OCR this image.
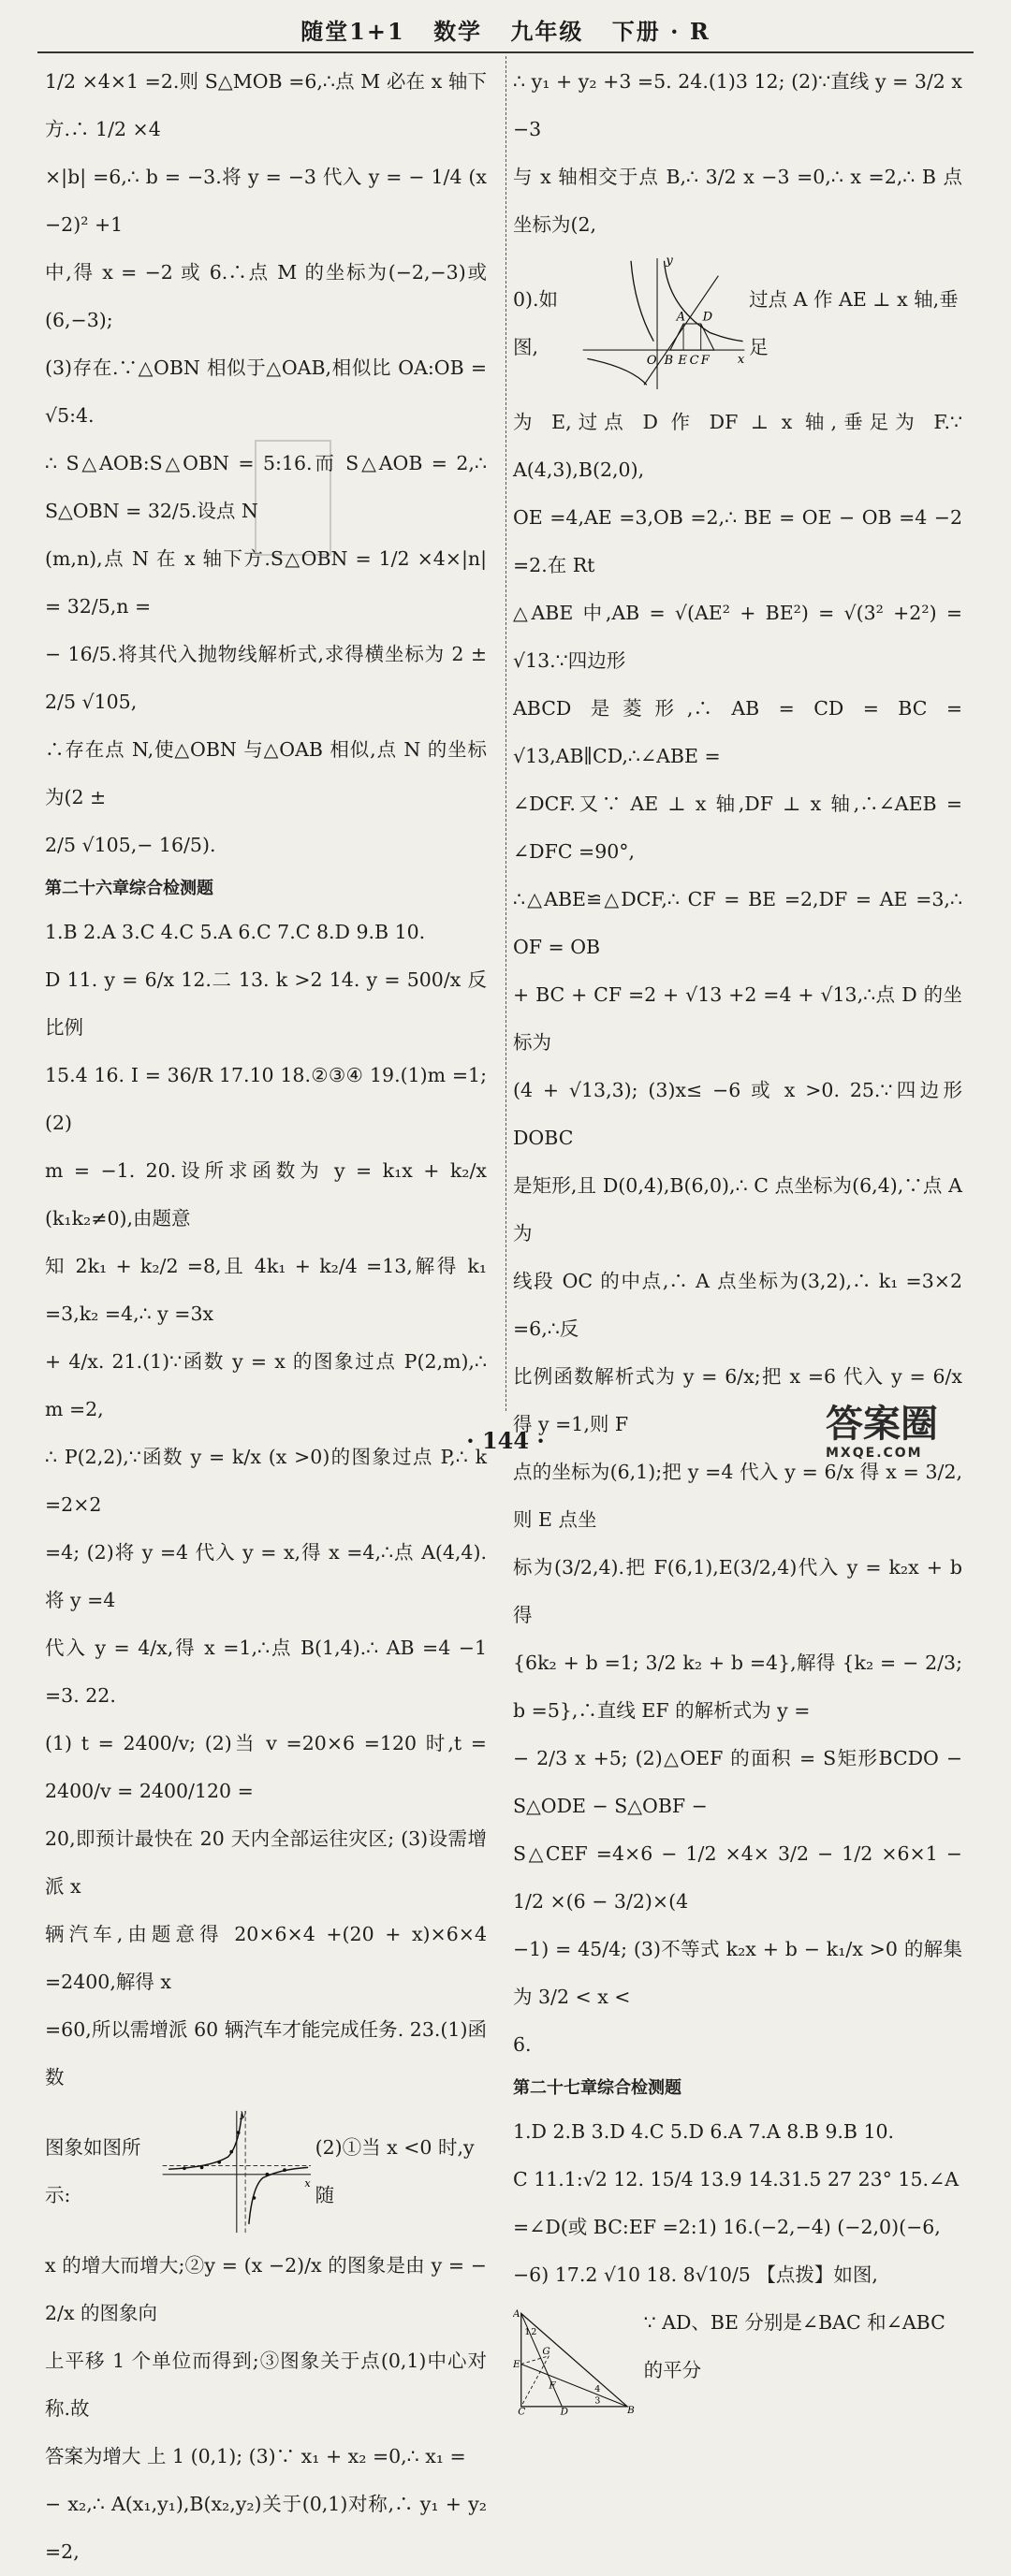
随堂1+1 数学 九年级 下册 · R

1/2 ×4×1 =2.则 S△MOB =6,∴点 M 必在 x 轴下方.∴ 1/2 ×4

×|b| =6,∴ b = −3.将 y = −3 代入 y = − 1/4 (x −2)² +1

中,得 x = −2 或 6.∴点 M 的坐标为(−2,−3)或(6,−3);

(3)存在.∵△OBN 相似于△OAB,相似比 OA:OB = √5:4.

∴ S△AOB:S△OBN = 5:16.而 S△AOB = 2,∴ S△OBN = 32/5.设点 N

(m,n),点 N 在 x 轴下方.S△OBN = 1/2 ×4×|n| = 32/5,n =

− 16/5.将其代入抛物线解析式,求得横坐标为 2 ± 2/5 √105,

∴存在点 N,使△OBN 与△OAB 相似,点 N 的坐标为(2 ±

2/5 √105,− 16/5).

第二十六章综合检测题

1.B 2.A 3.C 4.C 5.A 6.C 7.C 8.D 9.B 10.

D 11. y = 6/x 12.二 13. k >2 14. y = 500/x 反比例

15.4 16. I = 36/R 17.10 18.②③④ 19.(1)m =1; (2)

m = −1. 20.设所求函数为 y = k₁x + k₂/x (k₁k₂≠0),由题意

知 2k₁ + k₂/2 =8,且 4k₁ + k₂/4 =13,解得 k₁ =3,k₂ =4,∴ y =3x

+ 4/x. 21.(1)∵函数 y = x 的图象过点 P(2,m),∴ m =2,

∴ P(2,2),∵函数 y = k/x (x >0)的图象过点 P,∴ k =2×2

=4; (2)将 y =4 代入 y = x,得 x =4,∴点 A(4,4).将 y =4

代入 y = 4/x,得 x =1,∴点 B(1,4).∴ AB =4 −1 =3. 22.

(1) t = 2400/v; (2)当 v =20×6 =120 时,t = 2400/v = 2400/120 =

20,即预计最快在 20 天内全部运往灾区; (3)设需增派 x

辆汽车,由题意得 20×6×4 +(20 + x)×6×4 =2400,解得 x

=60,所以需增派 60 辆汽车才能完成任务. 23.(1)函数

图象如图所示:
y
x
(2)①当 x <0 时,y 随

x 的增大而增大;②y = (x −2)/x 的图象是由 y = − 2/x 的图象向

上平移 1 个单位而得到;③图象关于点(0,1)中心对称.故

答案为增大 上 1 (0,1); (3)∵ x₁ + x₂ =0,∴ x₁ =

− x₂,∴ A(x₁,y₁),B(x₂,y₂)关于(0,1)对称,∴ y₁ + y₂ =2,

∴ y₁ + y₂ +3 =5. 24.(1)3 12; (2)∵直线 y = 3/2 x −3

与 x 轴相交于点 B,∴ 3/2 x −3 =0,∴ x =2,∴ B 点坐标为(2,

0).如图,
y
x
O
A D
B E C F
过点 A 作 AE ⊥ x 轴,垂足

为 E,过点 D 作 DF ⊥ x 轴,垂足为 F.∵ A(4,3),B(2,0),

OE =4,AE =3,OB =2,∴ BE = OE − OB =4 −2 =2.在 Rt

△ABE 中,AB = √(AE² + BE²) = √(3² +2²) = √13.∵四边形

ABCD 是菱形,∴ AB = CD = BC = √13,AB∥CD,∴∠ABE =

∠DCF.又∵ AE ⊥ x 轴,DF ⊥ x 轴,∴∠AEB = ∠DFC =90°,

∴△ABE≌△DCF,∴ CF = BE =2,DF = AE =3,∴ OF = OB

+ BC + CF =2 + √13 +2 =4 + √13,∴点 D 的坐标为

(4 + √13,3); (3)x≤ −6 或 x >0. 25.∵四边形 DOBC

是矩形,且 D(0,4),B(6,0),∴ C 点坐标为(6,4),∵点 A 为

线段 OC 的中点,∴ A 点坐标为(3,2),∴ k₁ =3×2 =6,∴反

比例函数解析式为 y = 6/x;把 x =6 代入 y = 6/x 得 y =1,则 F

点的坐标为(6,1);把 y =4 代入 y = 6/x 得 x = 3/2,则 E 点坐

标为(3/2,4).把 F(6,1),E(3/2,4)代入 y = k₂x + b 得

{6k₂ + b =1; 3/2 k₂ + b =4},解得 {k₂ = − 2/3; b =5},∴直线 EF 的解析式为 y =

− 2/3 x +5; (2)△OEF 的面积 = S矩形BCDO − S△ODE − S△OBF −

S△CEF =4×6 − 1/2 ×4× 3/2 − 1/2 ×6×1 − 1/2 ×(6 − 3/2)×(4

−1) = 45/4; (3)不等式 k₂x + b − k₁/x >0 的解集为 3/2 < x <

6.

第二十七章综合检测题

1.D 2.B 3.D 4.C 5.D 6.A 7.A 8.B 9.B 10.

C 11.1:√2 12. 15/4 13.9 14.31.5 27 23° 15.∠A

=∠D(或 BC:EF =2:1) 16.(−2,−4) (−2,0)(−6,

−6) 17.2 √10 18. 8√10/5 【点拨】如图,

A
B
C	D
E
F
G
1 2
3
4
∵ AD、BE 分别是∠BAC 和∠ABC 的平分
· 144 ·	答案圈
MXQE.COM
